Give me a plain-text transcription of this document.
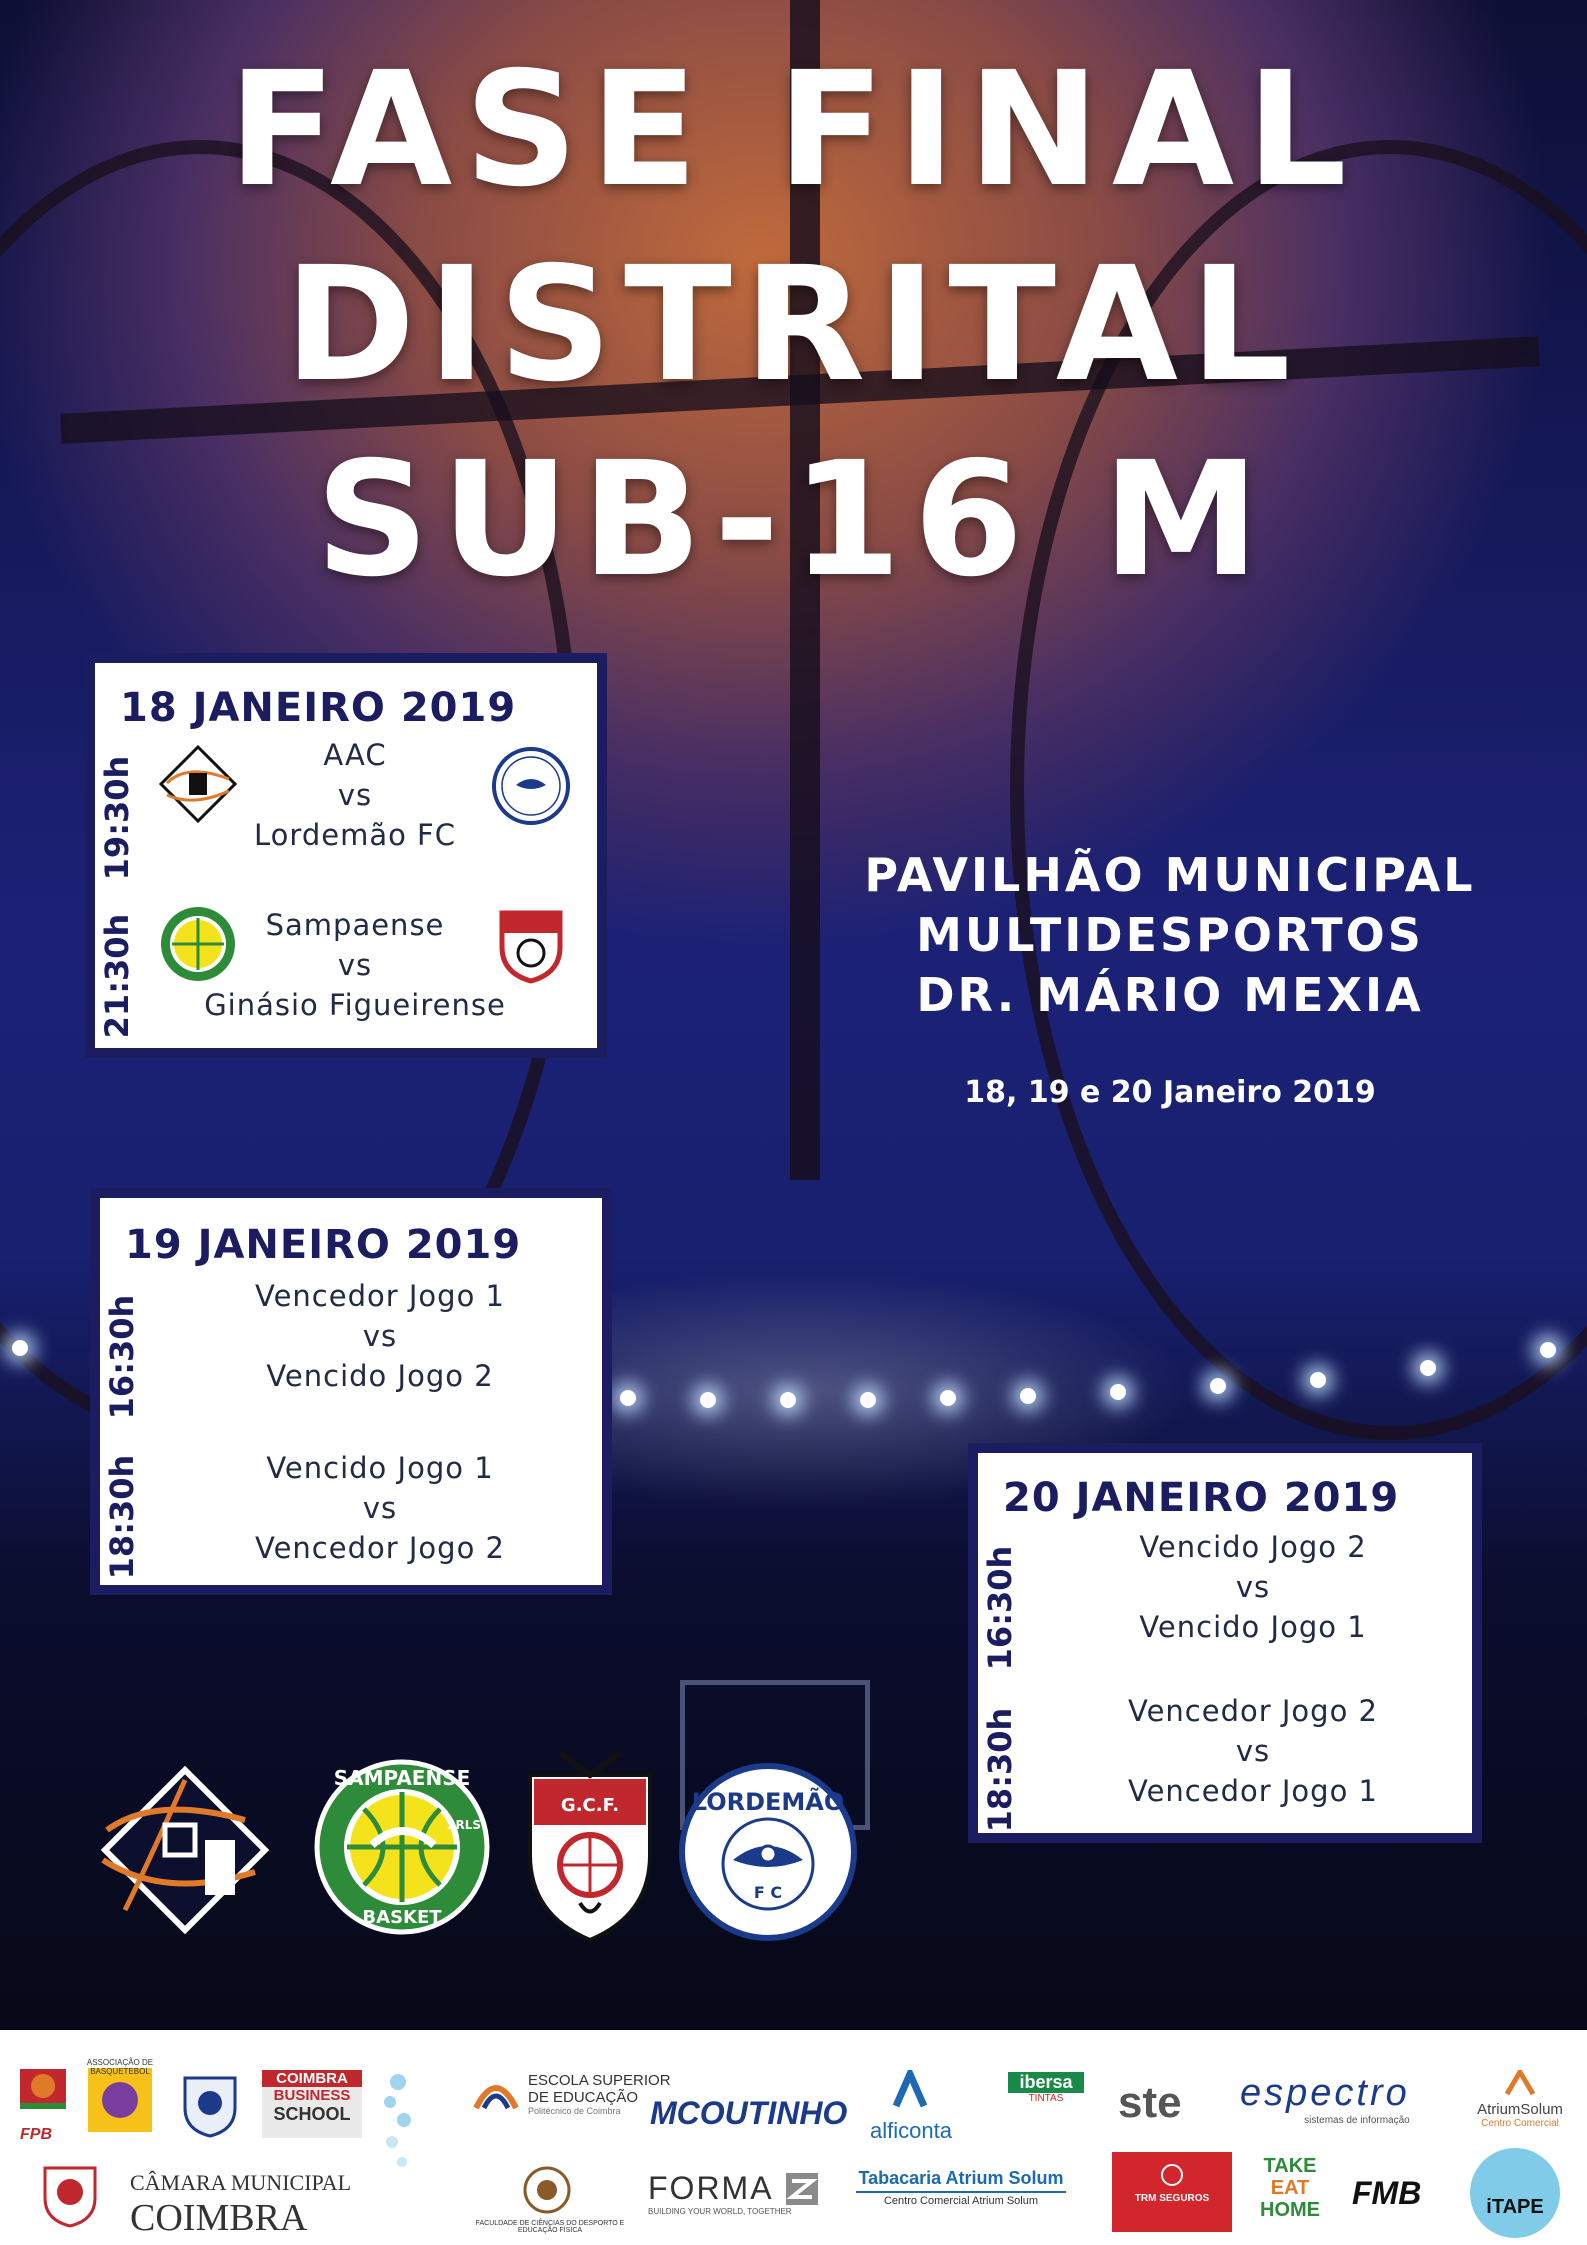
FASE FINAL
DISTRITAL
SUB-16 M
18 JANEIRO 2019
19:30h
AAC
vs
Lordemão FC
21:30h	Sampaense
vs
Ginásio Figueirense
PAVILHÃO MUNICIPAL
MULTIDESPORTOS
DR. MÁRIO MEXIA
18, 19 e 20 Janeiro 2019
19 JANEIRO 2019
16:30h	Vencedor Jogo 1
vs
Vencido Jogo 2
18:30h	Vencido Jogo 1
vs
Vencedor Jogo 2
20 JANEIRO 2019
16:30h	Vencido Jogo 2
vs
Vencido Jogo 1
18:30h	Vencedor Jogo 2
vs
Vencedor Jogo 1
SAMPAENSE
BASKET
SRLS
G.C.F.	LORDEMÃO
F C
FPB
ASSOCIAÇÃO DE BASQUETEBOL	COIMBRA
BUSINESS
SCHOOL
ESCOLA SUPERIOR
DE EDUCAÇÃO
Politécnico de Coimbra MCOUTINHO alficonta
ibersa
TINTAS	ste espectro
sistemas de informação
AtriumSolum
Centro Comercial
CÂMARA MUNICIPAL
COIMBRA	FACULDADE DE CIÊNCIAS DO DESPORTO E EDUCAÇÃO FÍSICA
FORMA
BUILDING YOUR WORLD, TOGETHER
Tabacaria Atrium Solum
Centro Comercial Atrium Solum	TRM SEGUROS
TAKE
EAT
HOME FMB	iTAPE
